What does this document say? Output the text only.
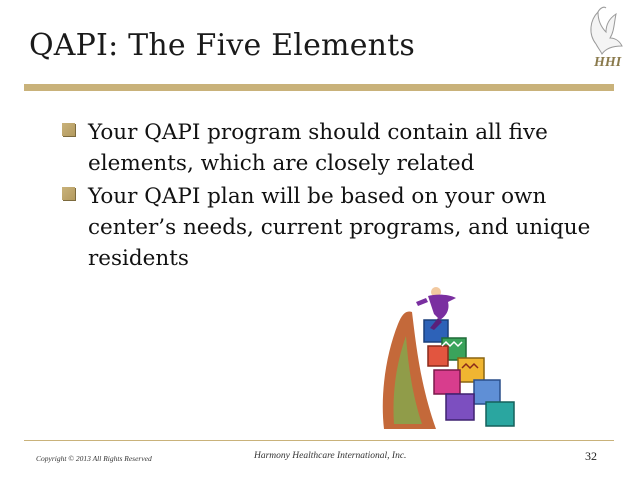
HHI
QAPI: The Five Elements
Your QAPI program should contain all five elements, which are closely related
Your QAPI plan will be based on your own center’s needs, current programs, and unique residents
Copyright © 2013 All Rights Reserved	Harmony Healthcare International, Inc.	32
